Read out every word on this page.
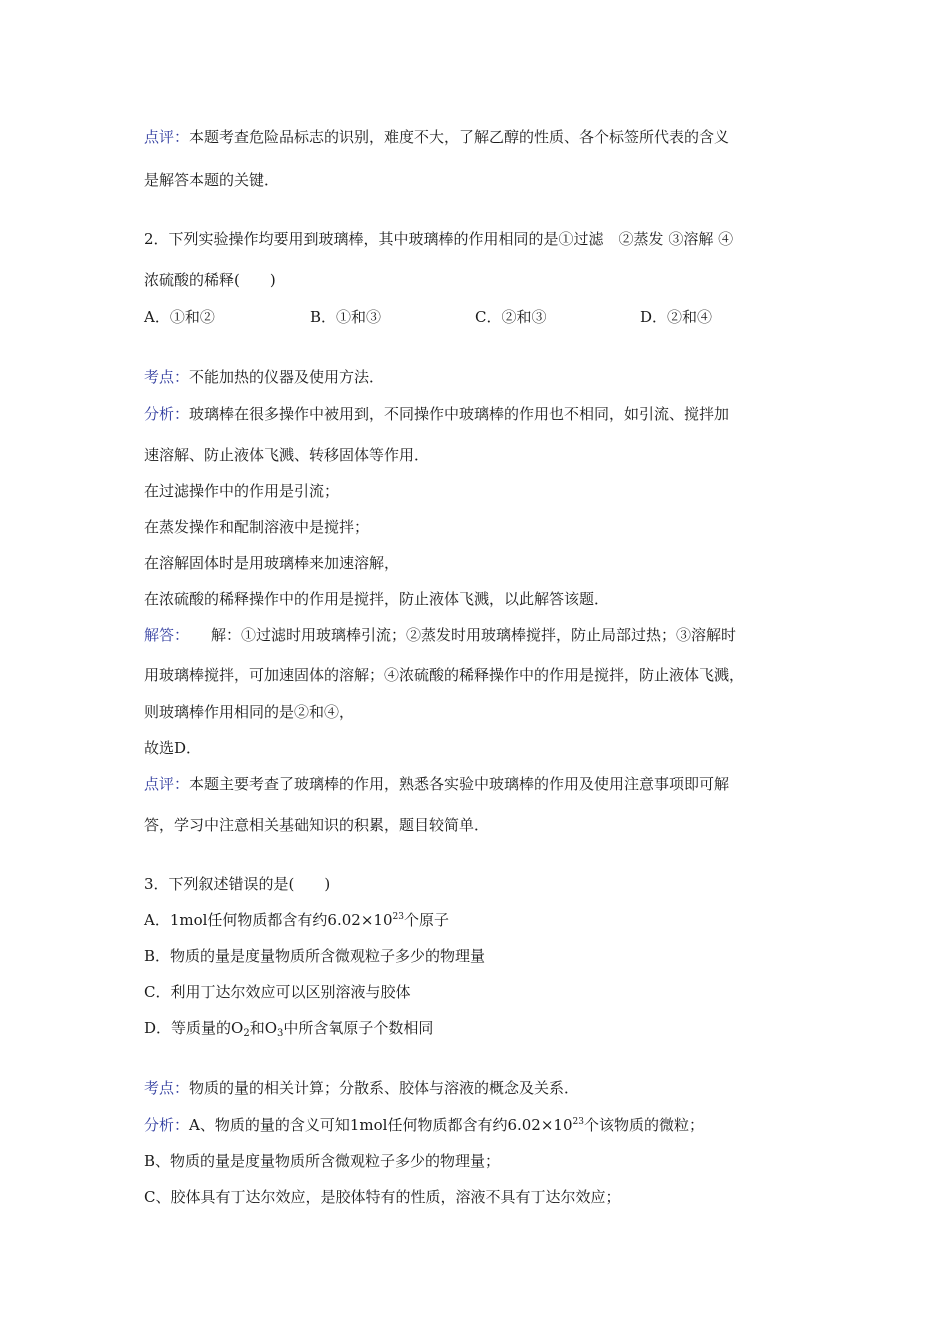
点评：本题考查危险品标志的识别，难度不大，了解乙醇的性质、各个标签所代表的含义
是解答本题的关键．
2．下列实验操作均要用到玻璃棒，其中玻璃棒的作用相同的是①过滤　②蒸发 ③溶解 ④
浓硫酸的稀释(　　)
A．①和②	B．①和③	C．②和③	D．②和④
考点：不能加热的仪器及使用方法．
分析：玻璃棒在很多操作中被用到，不同操作中玻璃棒的作用也不相同，如引流、搅拌加
速溶解、防止液体飞溅、转移固体等作用．
在过滤操作中的作用是引流；
在蒸发操作和配制溶液中是搅拌；
在溶解固体时是用玻璃棒来加速溶解，
在浓硫酸的稀释操作中的作用是搅拌，防止液体飞溅，以此解答该题．
解答： 解：①过滤时用玻璃棒引流；②蒸发时用玻璃棒搅拌，防止局部过热；③溶解时
用玻璃棒搅拌，可加速固体的溶解；④浓硫酸的稀释操作中的作用是搅拌，防止液体飞溅，
则玻璃棒作用相同的是②和④，
故选D．
点评：本题主要考查了玻璃棒的作用，熟悉各实验中玻璃棒的作用及使用注意事项即可解
答，学习中注意相关基础知识的积累，题目较简单．
3．下列叙述错误的是(　　)
A．1mol任何物质都含有约$6.02\times 10^{23}$个原子
B．物质的量是度量物质所含微观粒子多少的物理量
C．利用丁达尔效应可以区别溶液与胶体
D．等质量的$O_2$和$O_3$中所含氧原子个数相同
考点：物质的量的相关计算；分散系、胶体与溶液的概念及关系．
分析：A、物质的量的含义可知1mol任何物质都含有约$6.02\times 10^{23}$个该物质的微粒；
B、物质的量是度量物质所含微观粒子多少的物理量；
C、胶体具有丁达尔效应，是胶体特有的性质，溶液不具有丁达尔效应；
